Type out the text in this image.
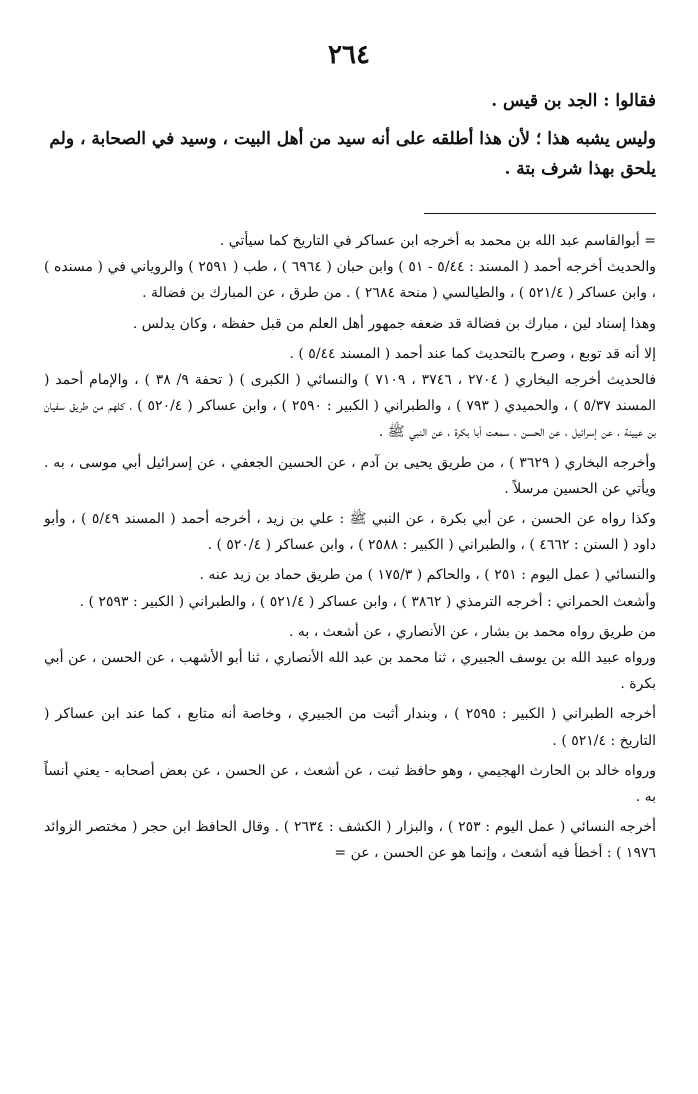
٢٦٤

فقالوا : الجد بن قيس .

وليس يشبه هذا ؛ لأن هذا أطلقه على أنه سيد من أهل البيت ، وسيد في الصحابة ، ولم يلحق بهذا شرف بتة .

= أبوالقاسم عبد الله بن محمد به أخرجه ابن عساكر في التاريخ كما سيأتي .

والحديث أخرجه أحمد ( المسند : ٥/٤٤ - ٥١ ) وابن حبان ( ٦٩٦٤ ) ، طب ( ٢٥٩١ ) والروياني في ( مسنده ) ، وابن عساكر ( ٥٢١/٤ ) ، والطيالسي ( منحة ٢٦٨٤ ) . من طرق ، عن المبارك بن فضالة .

وهذا إسناد لين ، مبارك بن فضالة قد ضعفه جمهور أهل العلم من قبل حفظه ، وكان يدلس .

إلا أنه قد توبع ، وصرح بالتحديث كما عند أحمد ( المسند ٥/٤٤ ) .

فالحديث أخرجه البخاري ( ٢٧٠٤ ، ٣٧٤٦ ، ٧١٠٩ ) والنسائي ( الكبرى ) ( تحفة ٩/ ٣٨ ) ، والإمام أحمد ( المسند ٥/٣٧ ) ، والحميدي ( ٧٩٣ ) ، والطبراني ( الكبير : ٢٥٩٠ ) ، وابن عساكر ( ٥٢٠/٤ ) ، كلهم من طريق سفيان بن عيينة ، عن إسرائيل ، عن الحسن ، سمعت أبا بكرة ، عن النبي ﷺ .

وأخرجه البخاري ( ٣٦٢٩ ) ، من طريق يحيى بن آدم ، عن الحسين الجعفي ، عن إسرائيل أبي موسى ، به . ويأتي عن الحسين مرسلاً .

وكذا رواه عن الحسن ، عن أبي بكرة ، عن النبي ﷺ : علي بن زيد ، أخرجه أحمد ( المسند ٥/٤٩ ) ، وأبو داود ( السنن : ٤٦٦٢ ) ، والطبراني ( الكبير : ٢٥٨٨ ) ، وابن عساكر ( ٥٢٠/٤ ) .

والنسائي ( عمل اليوم : ٢٥١ ) ، والحاكم ( ١٧٥/٣ ) من طريق حماد بن زيد عنه .

وأشعث الحمراني : أخرجه الترمذي ( ٣٨٦٢ ) ، وابن عساكر ( ٥٢١/٤ ) ، والطبراني ( الكبير : ٢٥٩٣ ) .

من طريق رواه محمد بن بشار ، عن الأنصاري ، عن أشعث ، به .

ورواه عبيد الله بن يوسف الجبيري ، ثنا محمد بن عبد الله الأنصاري ، ثنا أبو الأشهب ، عن الحسن ، عن أبي بكرة .

أخرجه الطبراني ( الكبير : ٢٥٩٥ ) ، وبندار أثبت من الجبيري ، وخاصة أنه متابع ، كما عند ابن عساكر ( التاريخ : ٥٢١/٤ ) .

ورواه خالد بن الحارث الهجيمي ، وهو حافظ ثبت ، عن أشعث ، عن الحسن ، عن بعض أصحابه - يعني أنساً به .

أخرجه النسائي ( عمل اليوم : ٢٥٣ ) ، والبزار ( الكشف : ٢٦٣٤ ) . وقال الحافظ ابن حجر ( مختصر الزوائد ١٩٧٦ ) : أخطأ فيه أشعث ، وإنما هو عن الحسن ، عن =
